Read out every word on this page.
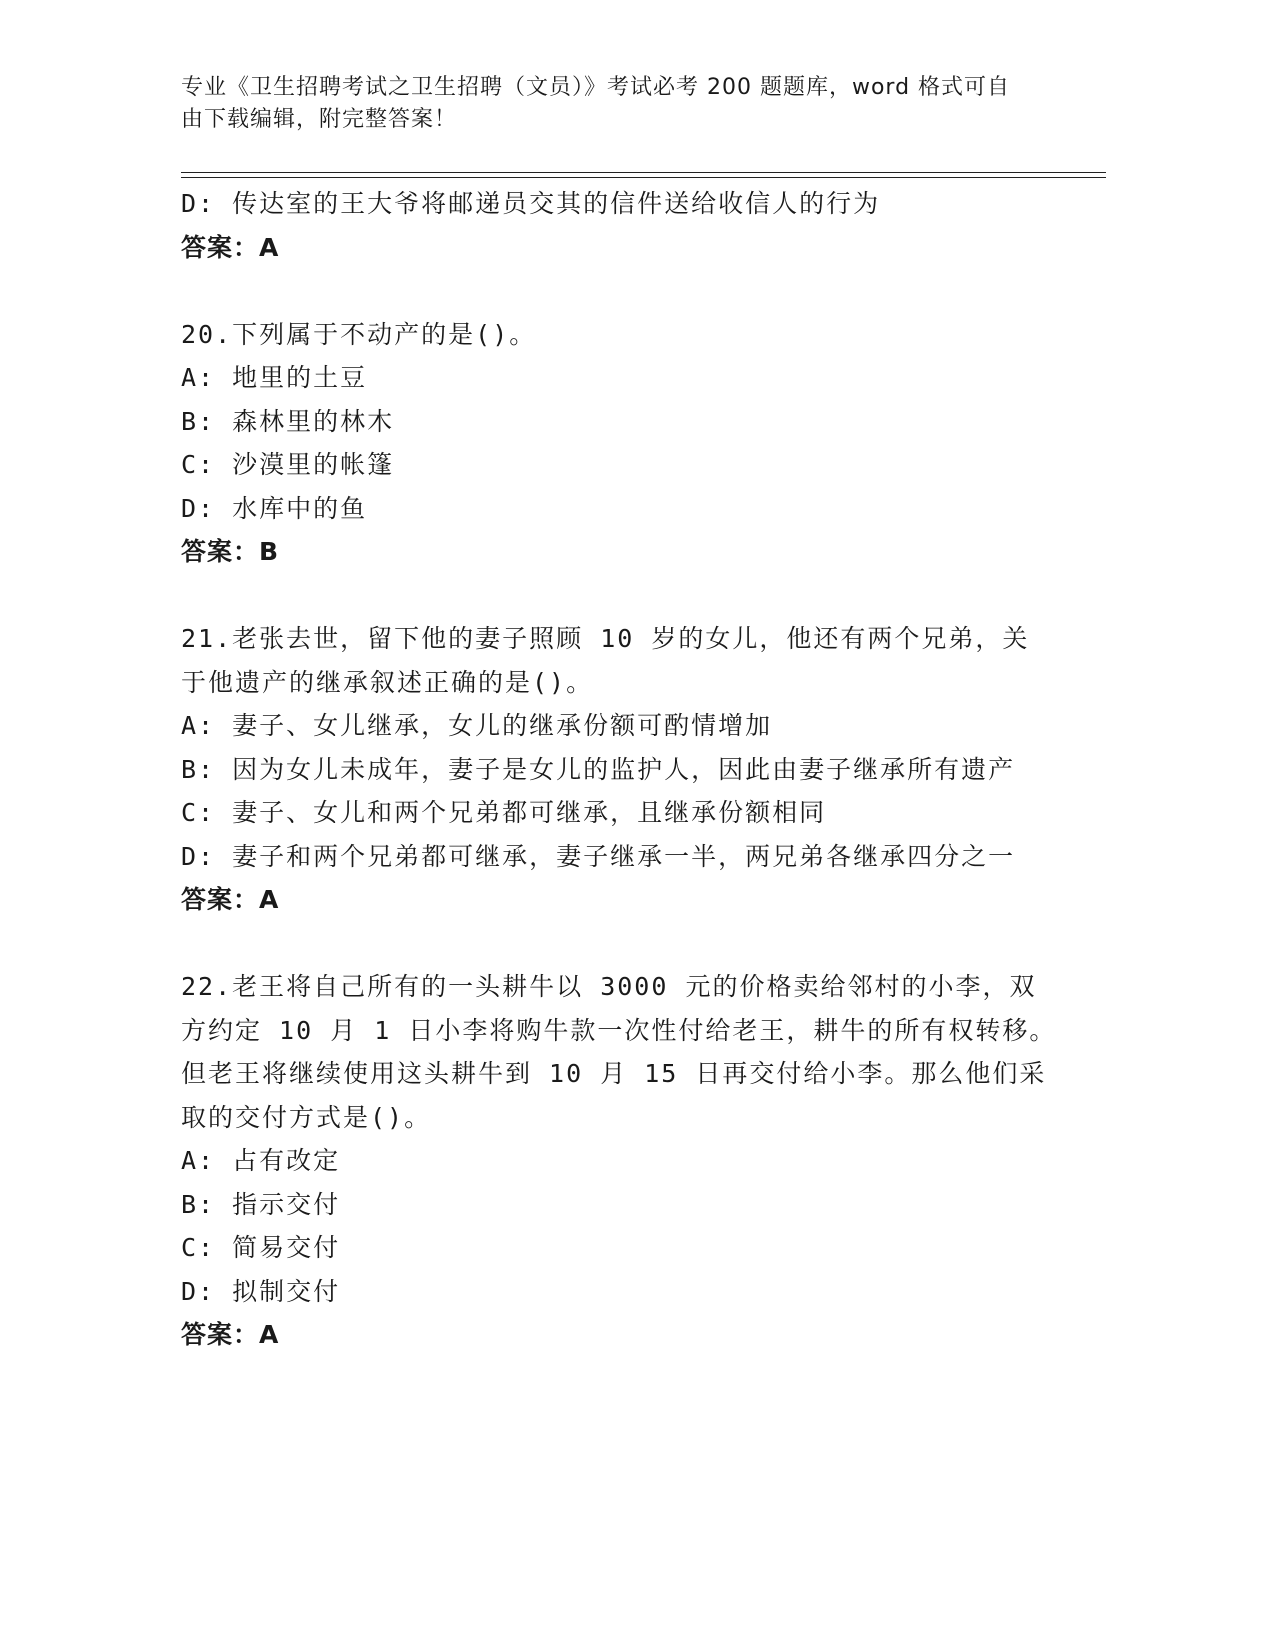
专业《卫生招聘考试之卫生招聘（文员）》考试必考 200 题题库，word 格式可自
由下载编辑，附完整答案！
D: 传达室的王大爷将邮递员交其的信件送给收信人的行为
答案：A
20.下列属于不动产的是()。
A: 地里的土豆
B: 森林里的林木
C: 沙漠里的帐篷
D: 水库中的鱼
答案：B
21.老张去世，留下他的妻子照顾 10 岁的女儿，他还有两个兄弟，关
于他遗产的继承叙述正确的是()。
A: 妻子、女儿继承，女儿的继承份额可酌情增加
B: 因为女儿未成年，妻子是女儿的监护人，因此由妻子继承所有遗产
C: 妻子、女儿和两个兄弟都可继承，且继承份额相同
D: 妻子和两个兄弟都可继承，妻子继承一半，两兄弟各继承四分之一
答案：A
22.老王将自己所有的一头耕牛以 3000 元的价格卖给邻村的小李，双
方约定 10 月 1 日小李将购牛款一次性付给老王，耕牛的所有权转移。
但老王将继续使用这头耕牛到 10 月 15 日再交付给小李。那么他们采
取的交付方式是()。
A: 占有改定
B: 指示交付
C: 简易交付
D: 拟制交付
答案：A
